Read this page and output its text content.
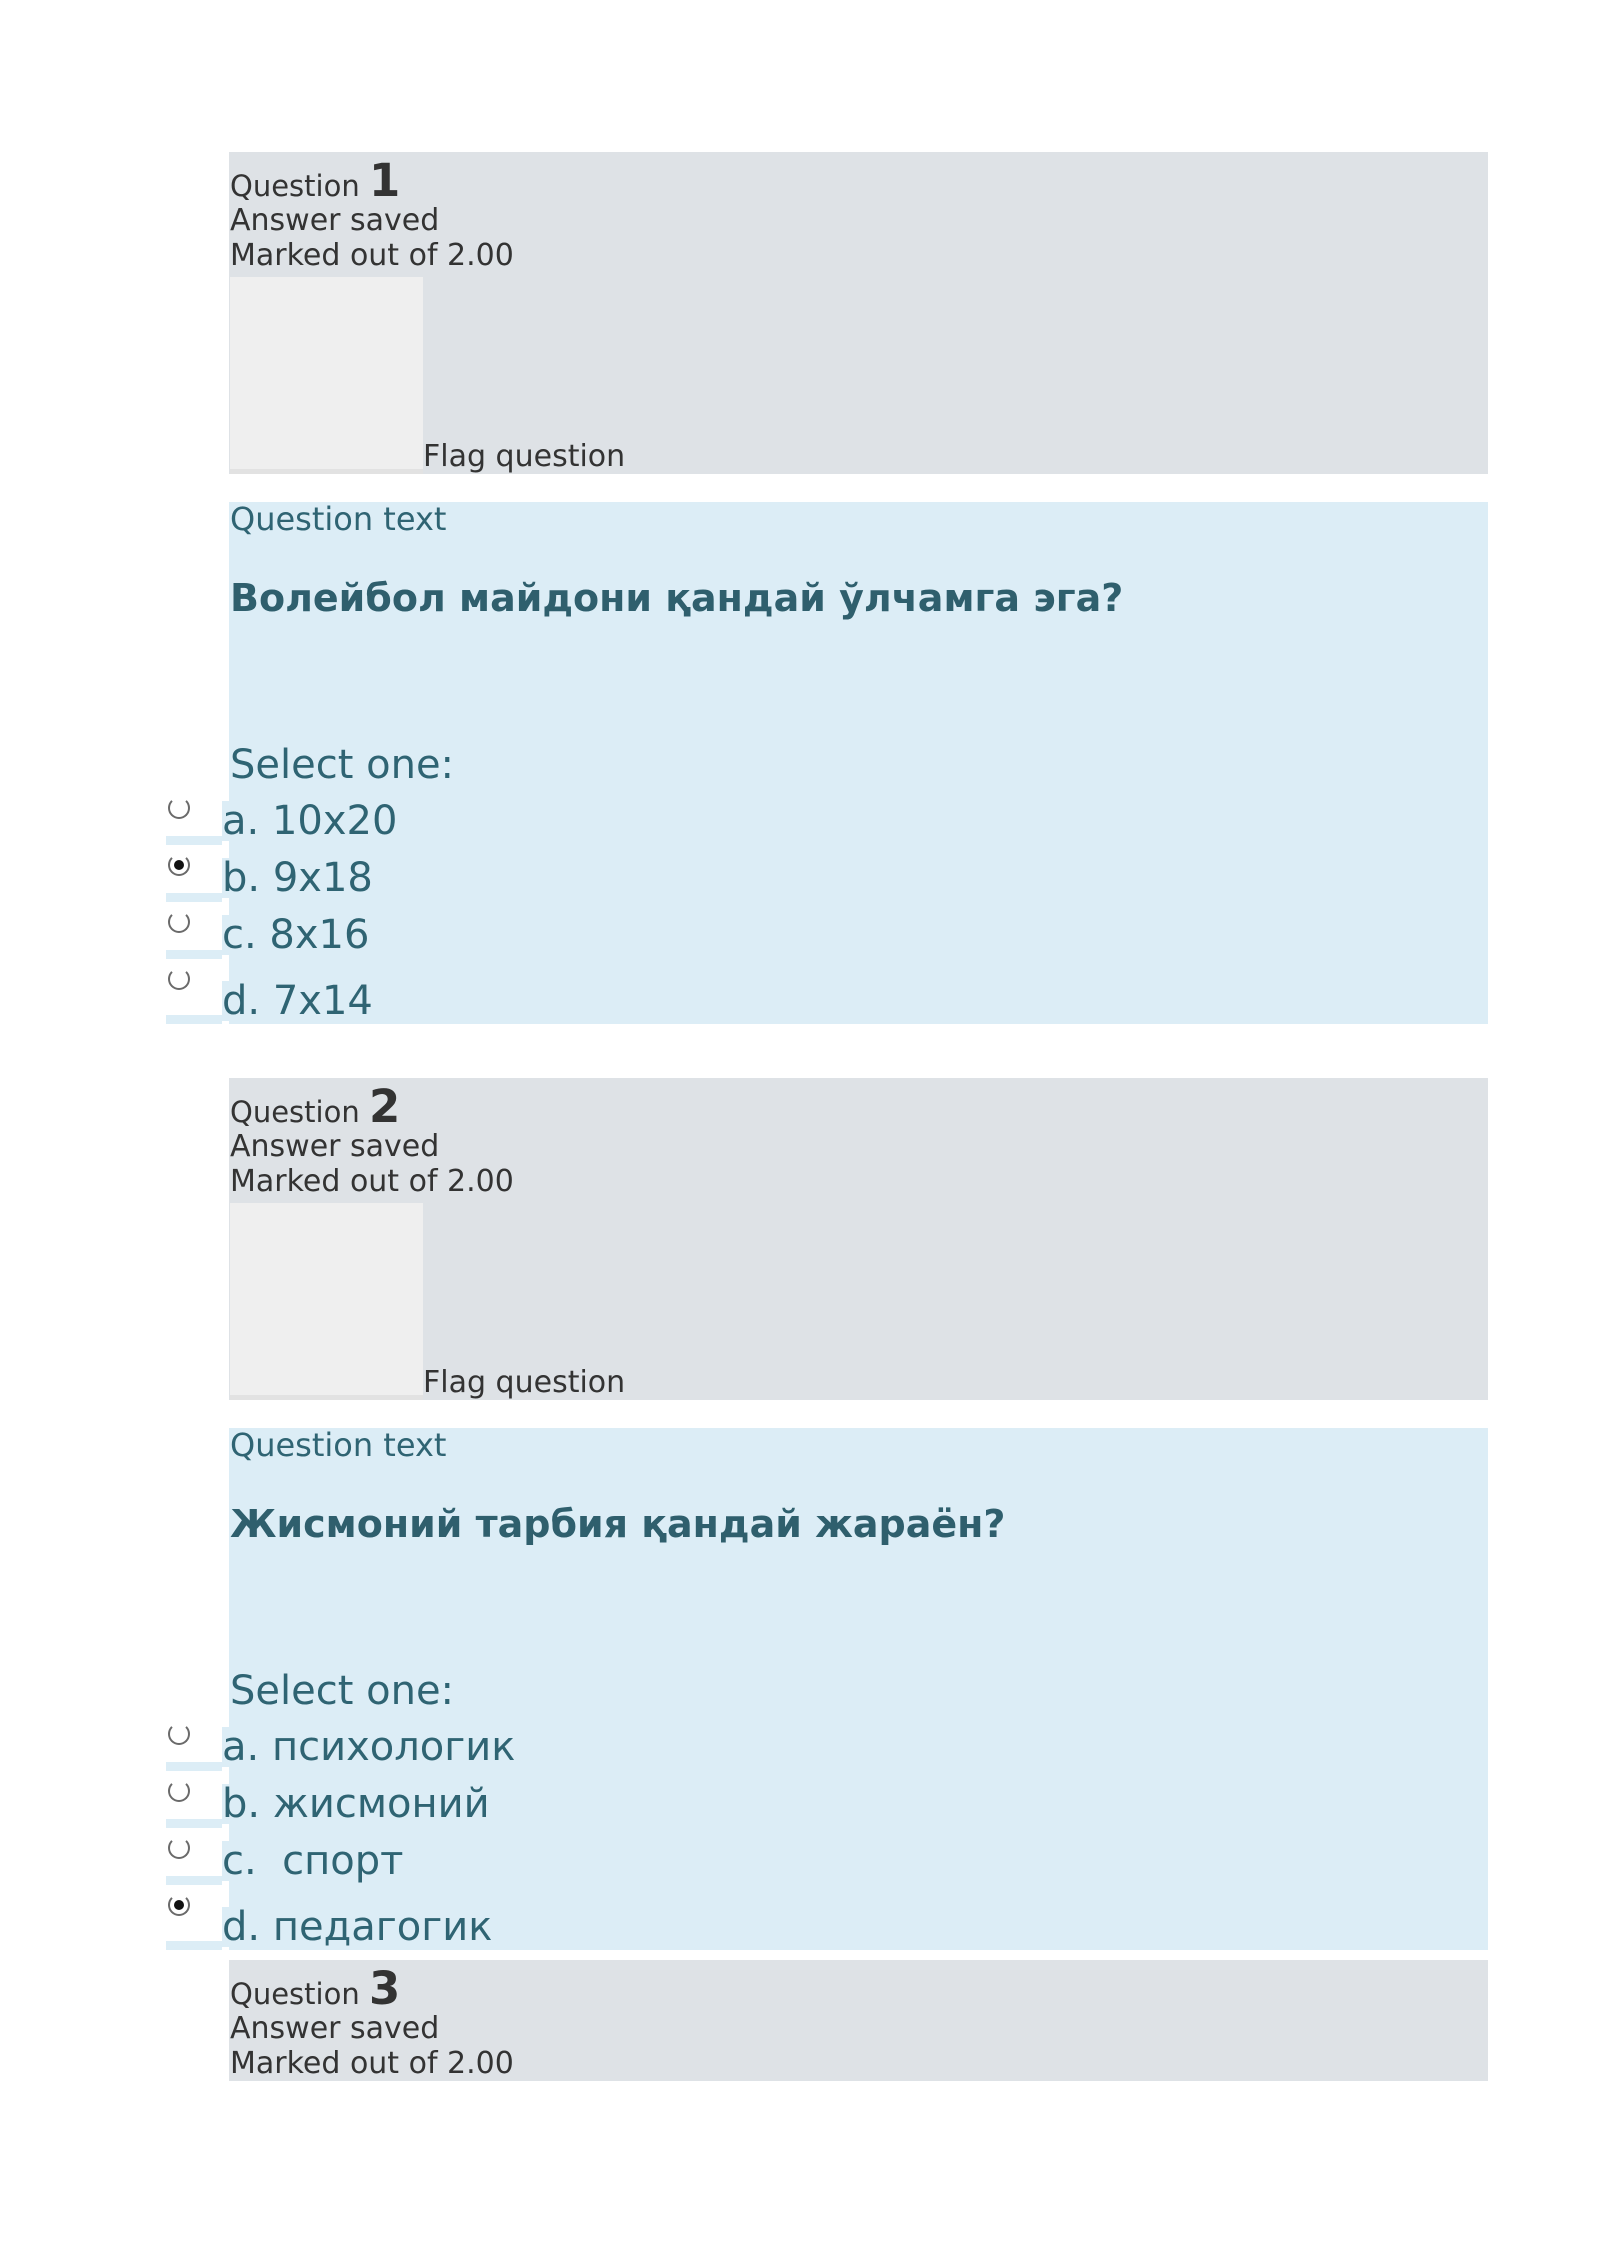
Question 1
Answer saved
Marked out of 2.00
Flag question
Question text
Волейбол майдони қандай ўлчамга эга?
Select one:
a. 10x20
b. 9x18
c. 8x16
d. 7x14
Question 2
Answer saved
Marked out of 2.00
Flag question
Question text
Жисмоний тарбия қандай жараён?
Select one:
a. психологик
b. жисмоний
c.  спорт
d. педагогик
Question 3
Answer saved
Marked out of 2.00
